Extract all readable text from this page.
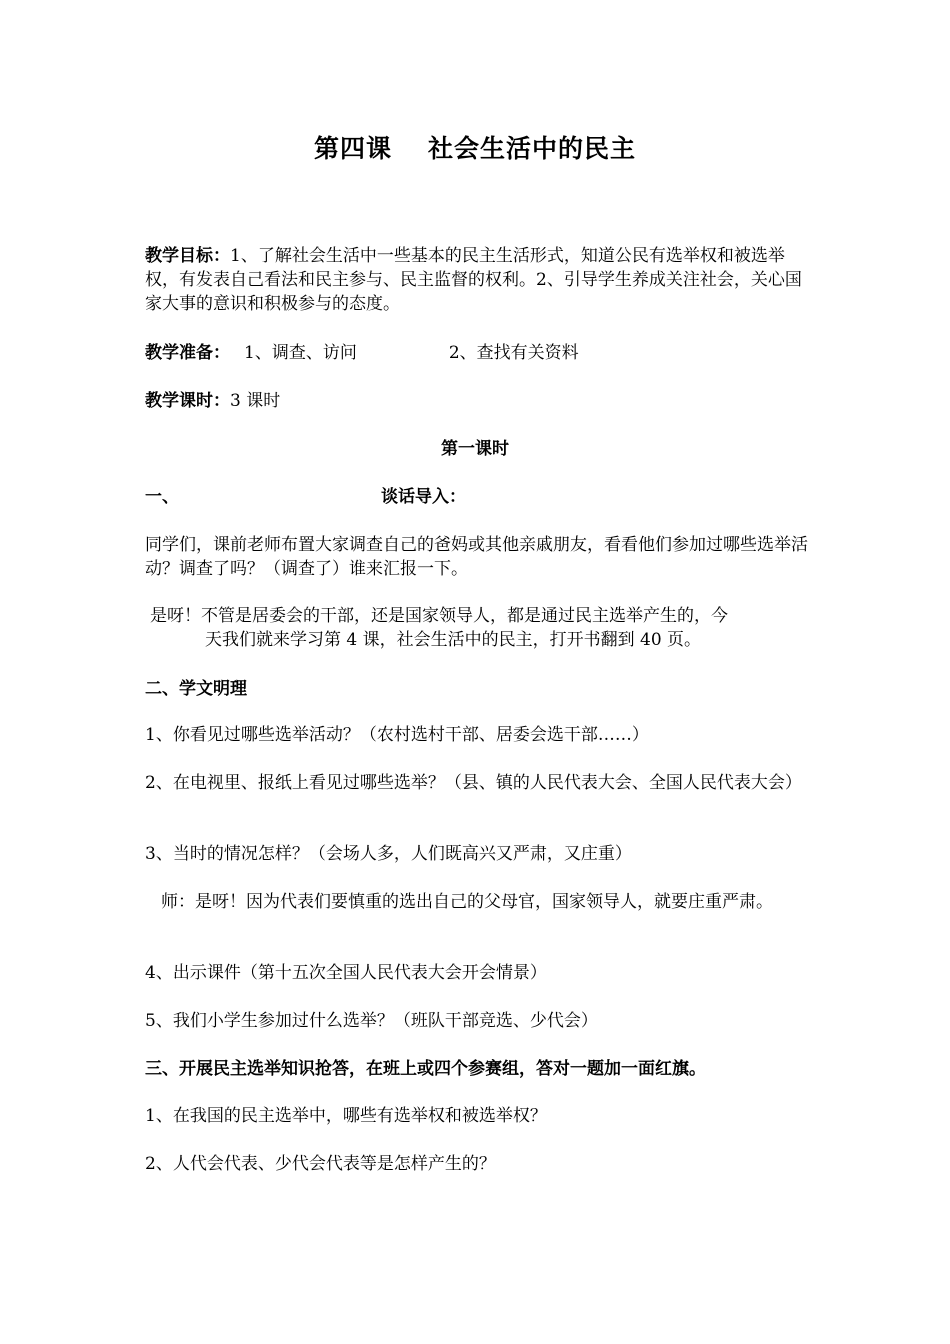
第四课 社会生活中的民主

教学目标：1、了解社会生活中一些基本的民主生活形式，知道公民有选举权和被选举权，有发表自己看法和民主参与、民主监督的权利。2、引导学生养成关注社会，关心国家大事的意识和积极参与的态度。

教学准备： 1、调查、访问	2、查找有关资料

教学课时：3 课时

第一课时

一、	谈话导入：

同学们，课前老师布置大家调查自己的爸妈或其他亲戚朋友，看看他们参加过哪些选举活动？调查了吗？（调查了）谁来汇报一下。

是呀！不管是居委会的干部，还是国家领导人，都是通过民主选举产生的，今

天我们就来学习第 4 课，社会生活中的民主，打开书翻到 40 页。

二、学文明理

1、你看见过哪些选举活动？（农村选村干部、居委会选干部……）

2、在电视里、报纸上看见过哪些选举？（县、镇的人民代表大会、全国人民代表大会）

3、当时的情况怎样？（会场人多，人们既高兴又严肃，又庄重）

师：是呀！因为代表们要慎重的选出自己的父母官，国家领导人，就要庄重严肃。

4、出示课件（第十五次全国人民代表大会开会情景）

5、我们小学生参加过什么选举？（班队干部竞选、少代会）

三、开展民主选举知识抢答，在班上或四个参赛组，答对一题加一面红旗。

1、在我国的民主选举中，哪些有选举权和被选举权？

2、人代会代表、少代会代表等是怎样产生的？
